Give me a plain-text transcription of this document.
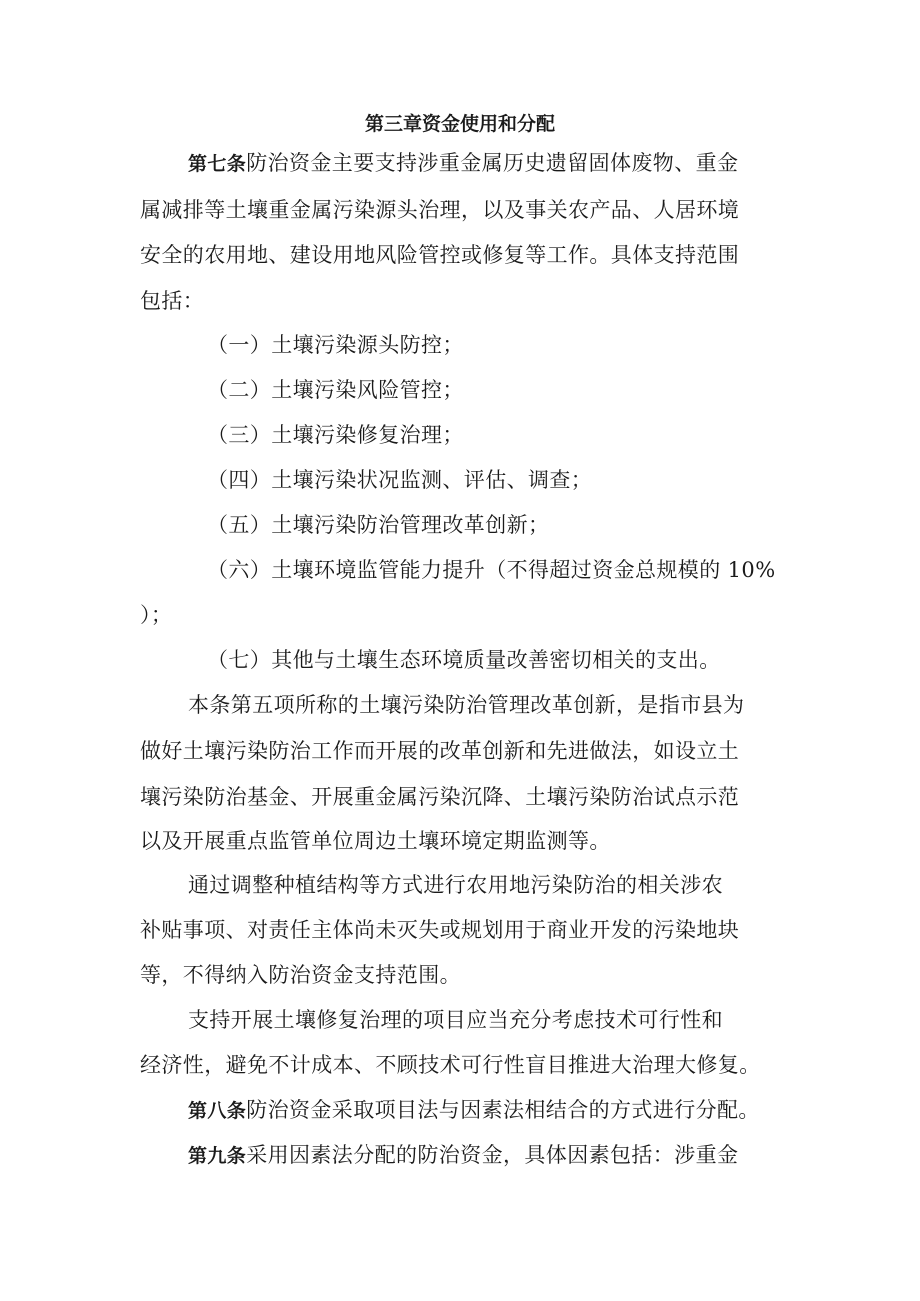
第三章资金使用和分配
第七条防治资金主要支持涉重金属历史遗留固体废物、重金
属减排等土壤重金属污染源头治理，以及事关农产品、人居环境
安全的农用地、建设用地风险管控或修复等工作。具体支持范围
包括：
（一）土壤污染源头防控；
（二）土壤污染风险管控；
（三）土壤污染修复治理；
（四）土壤污染状况监测、评估、调查；
（五）土壤污染防治管理改革创新；
（六）土壤环境监管能力提升（不得超过资金总规模的 10%
）；
（七）其他与土壤生态环境质量改善密切相关的支出。
本条第五项所称的土壤污染防治管理改革创新，是指市县为
做好土壤污染防治工作而开展的改革创新和先进做法，如设立土
壤污染防治基金、开展重金属污染沉降、土壤污染防治试点示范
以及开展重点监管单位周边土壤环境定期监测等。
通过调整种植结构等方式进行农用地污染防治的相关涉农
补贴事项、对责任主体尚未灭失或规划用于商业开发的污染地块
等，不得纳入防治资金支持范围。
支持开展土壤修复治理的项目应当充分考虑技术可行性和
经济性，避免不计成本、不顾技术可行性盲目推进大治理大修复。
第八条防治资金采取项目法与因素法相结合的方式进行分配。
第九条采用因素法分配的防治资金，具体因素包括：涉重金
